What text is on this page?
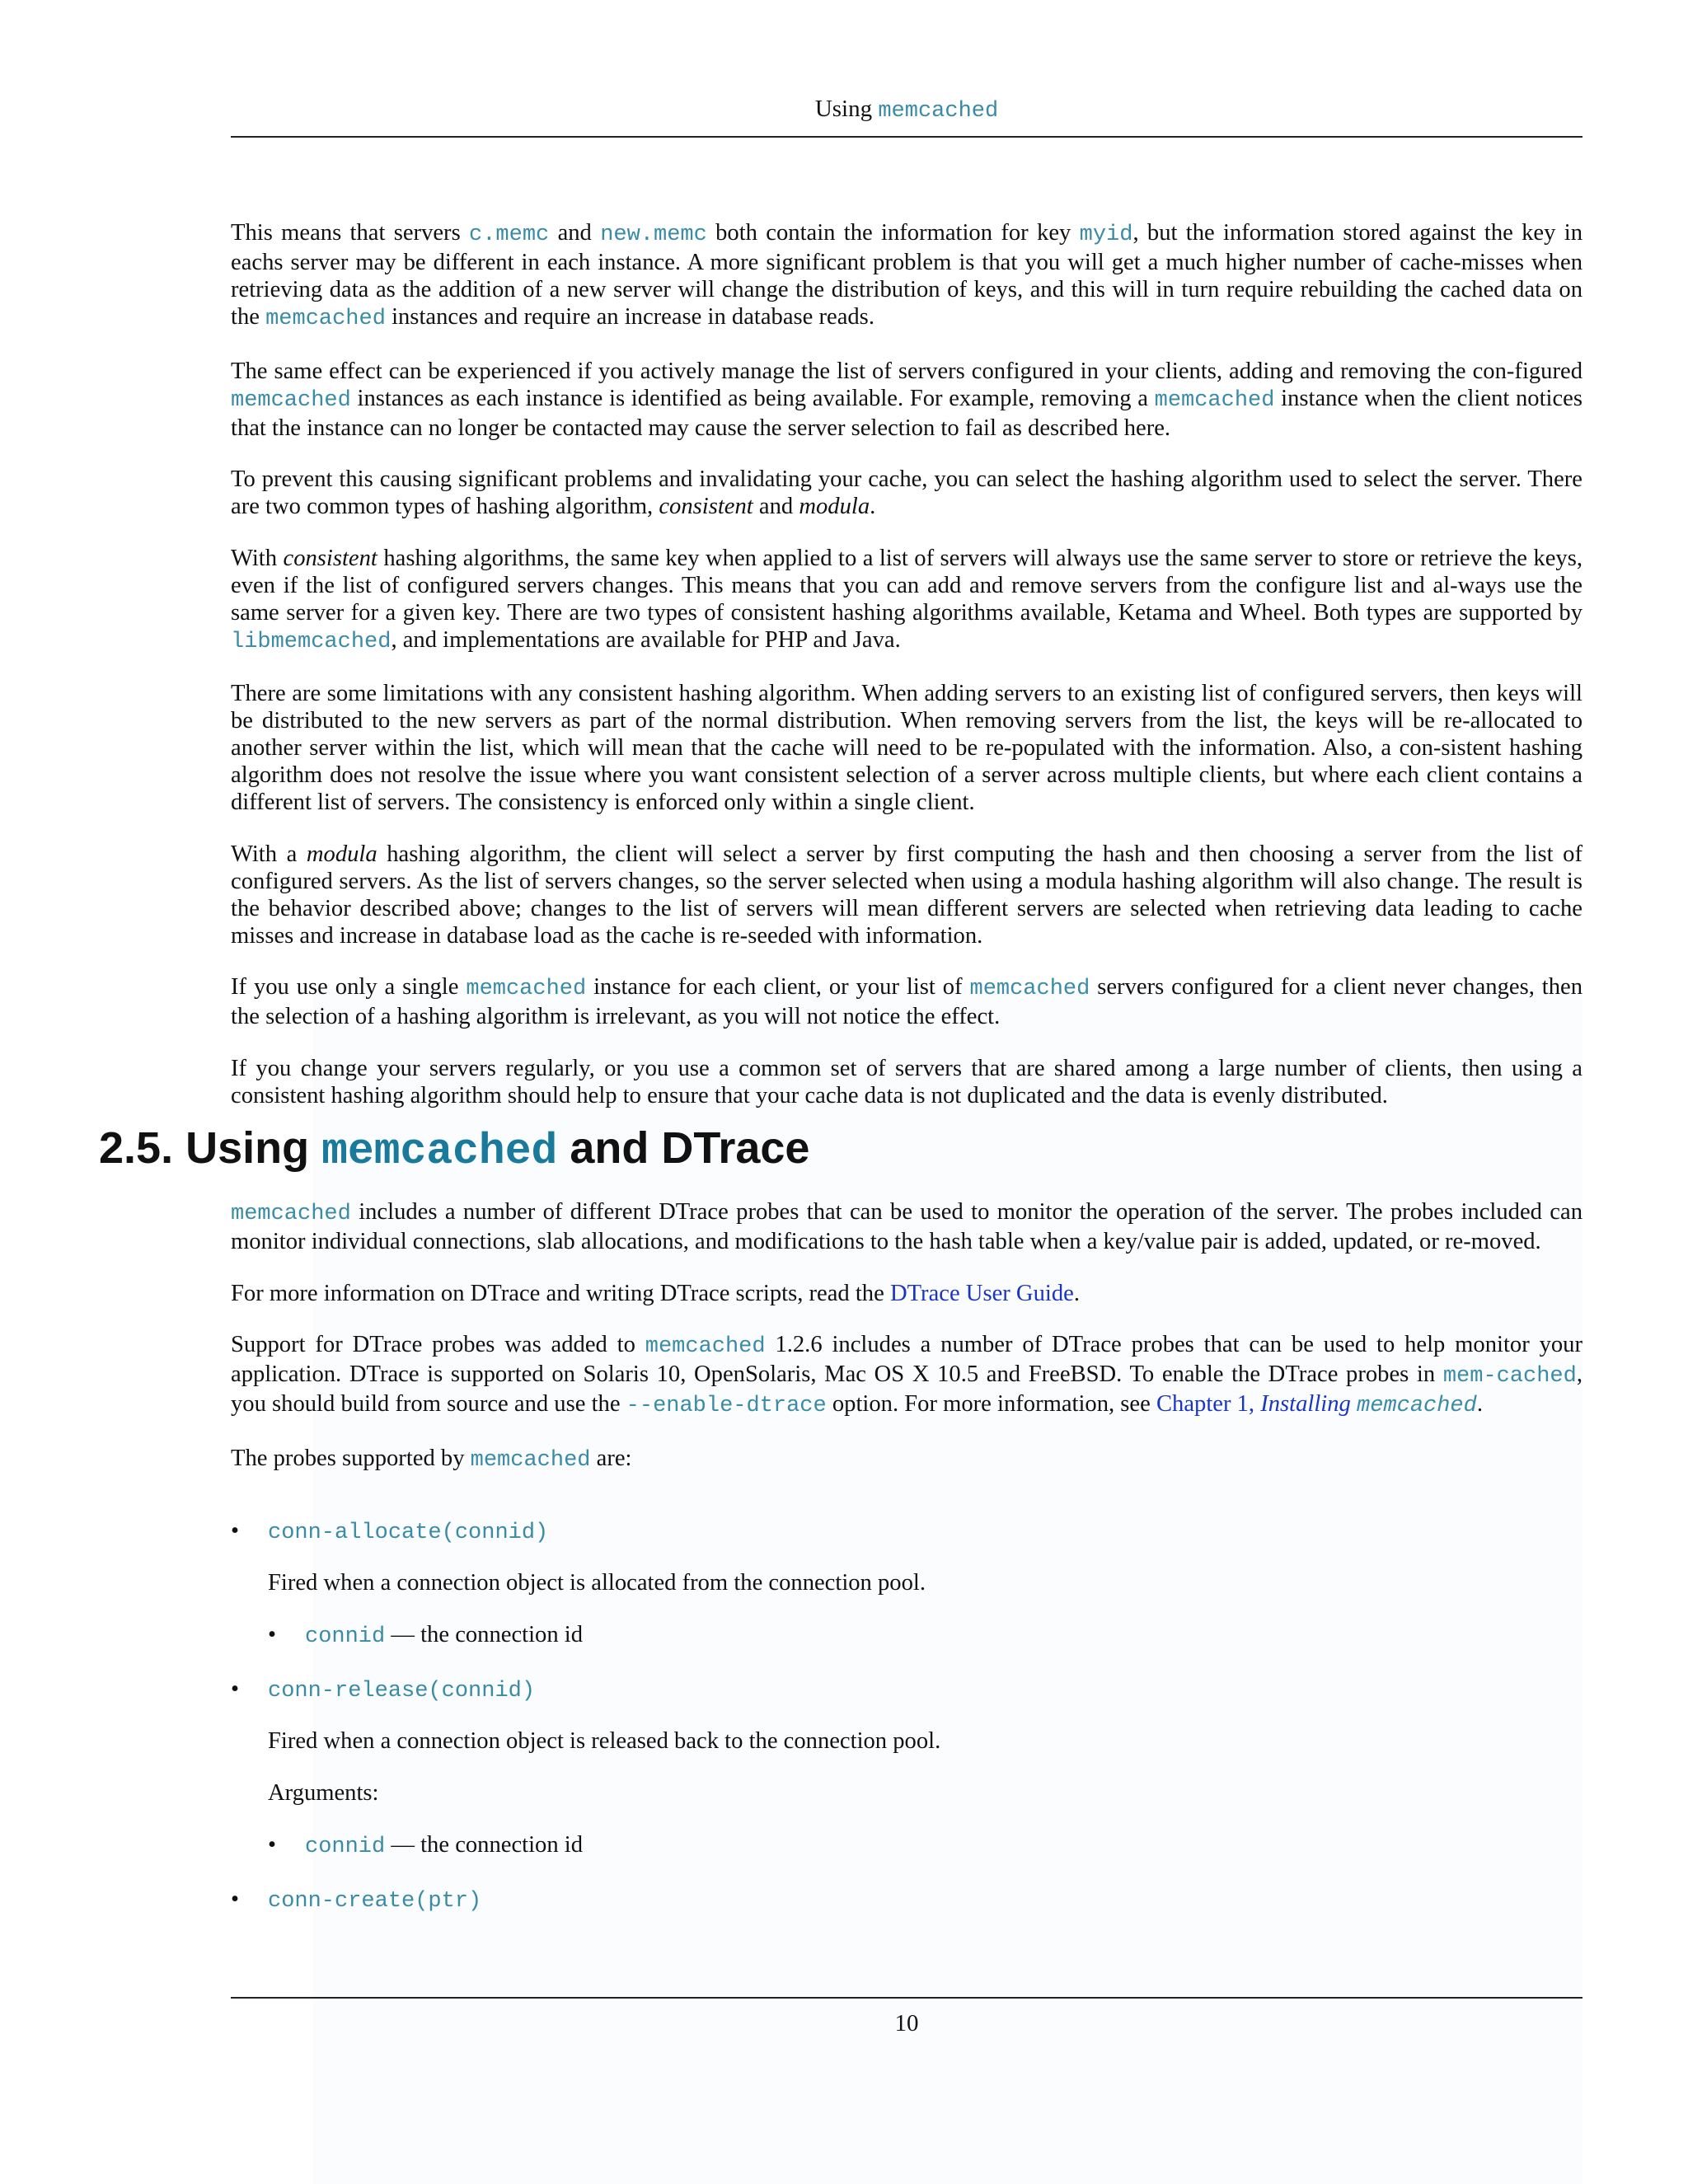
Using memcached

This means that servers c.memc and new.memc both contain the information for key myid, but the information stored against the key in eachs server may be different in each instance. A more significant problem is that you will get a much higher number of cache-misses when retrieving data as the addition of a new server will change the distribution of keys, and this will in turn require rebuilding the cached data on the memcached instances and require an increase in database reads.

The same effect can be experienced if you actively manage the list of servers configured in your clients, adding and removing the con-figured memcached instances as each instance is identified as being available. For example, removing a memcached instance when the client notices that the instance can no longer be contacted may cause the server selection to fail as described here.

To prevent this causing significant problems and invalidating your cache, you can select the hashing algorithm used to select the server. There are two common types of hashing algorithm, consistent and modula.

With consistent hashing algorithms, the same key when applied to a list of servers will always use the same server to store or retrieve the keys, even if the list of configured servers changes. This means that you can add and remove servers from the configure list and al-ways use the same server for a given key. There are two types of consistent hashing algorithms available, Ketama and Wheel. Both types are supported by libmemcached, and implementations are available for PHP and Java.

There are some limitations with any consistent hashing algorithm. When adding servers to an existing list of configured servers, then keys will be distributed to the new servers as part of the normal distribution. When removing servers from the list, the keys will be re-allocated to another server within the list, which will mean that the cache will need to be re-populated with the information. Also, a con-sistent hashing algorithm does not resolve the issue where you want consistent selection of a server across multiple clients, but where each client contains a different list of servers. The consistency is enforced only within a single client.

With a modula hashing algorithm, the client will select a server by first computing the hash and then choosing a server from the list of configured servers. As the list of servers changes, so the server selected when using a modula hashing algorithm will also change. The result is the behavior described above; changes to the list of servers will mean different servers are selected when retrieving data leading to cache misses and increase in database load as the cache is re-seeded with information.

If you use only a single memcached instance for each client, or your list of memcached servers configured for a client never changes, then the selection of a hashing algorithm is irrelevant, as you will not notice the effect.

If you change your servers regularly, or you use a common set of servers that are shared among a large number of clients, then using a consistent hashing algorithm should help to ensure that your cache data is not duplicated and the data is evenly distributed.

2.5. Using memcached and DTrace

memcached includes a number of different DTrace probes that can be used to monitor the operation of the server. The probes included can monitor individual connections, slab allocations, and modifications to the hash table when a key/value pair is added, updated, or re-moved.

For more information on DTrace and writing DTrace scripts, read the DTrace User Guide.

Support for DTrace probes was added to memcached 1.2.6 includes a number of DTrace probes that can be used to help monitor your application. DTrace is supported on Solaris 10, OpenSolaris, Mac OS X 10.5 and FreeBSD. To enable the DTrace probes in mem-cached, you should build from source and use the --enable-dtrace option. For more information, see Chapter 1, Installing memcached.

The probes supported by memcached are:

• conn-allocate(connid)
Fired when a connection object is allocated from the connection pool.
• connid — the connection id
• conn-release(connid)
Fired when a connection object is released back to the connection pool.
Arguments:
• connid — the connection id
• conn-create(ptr)
10
